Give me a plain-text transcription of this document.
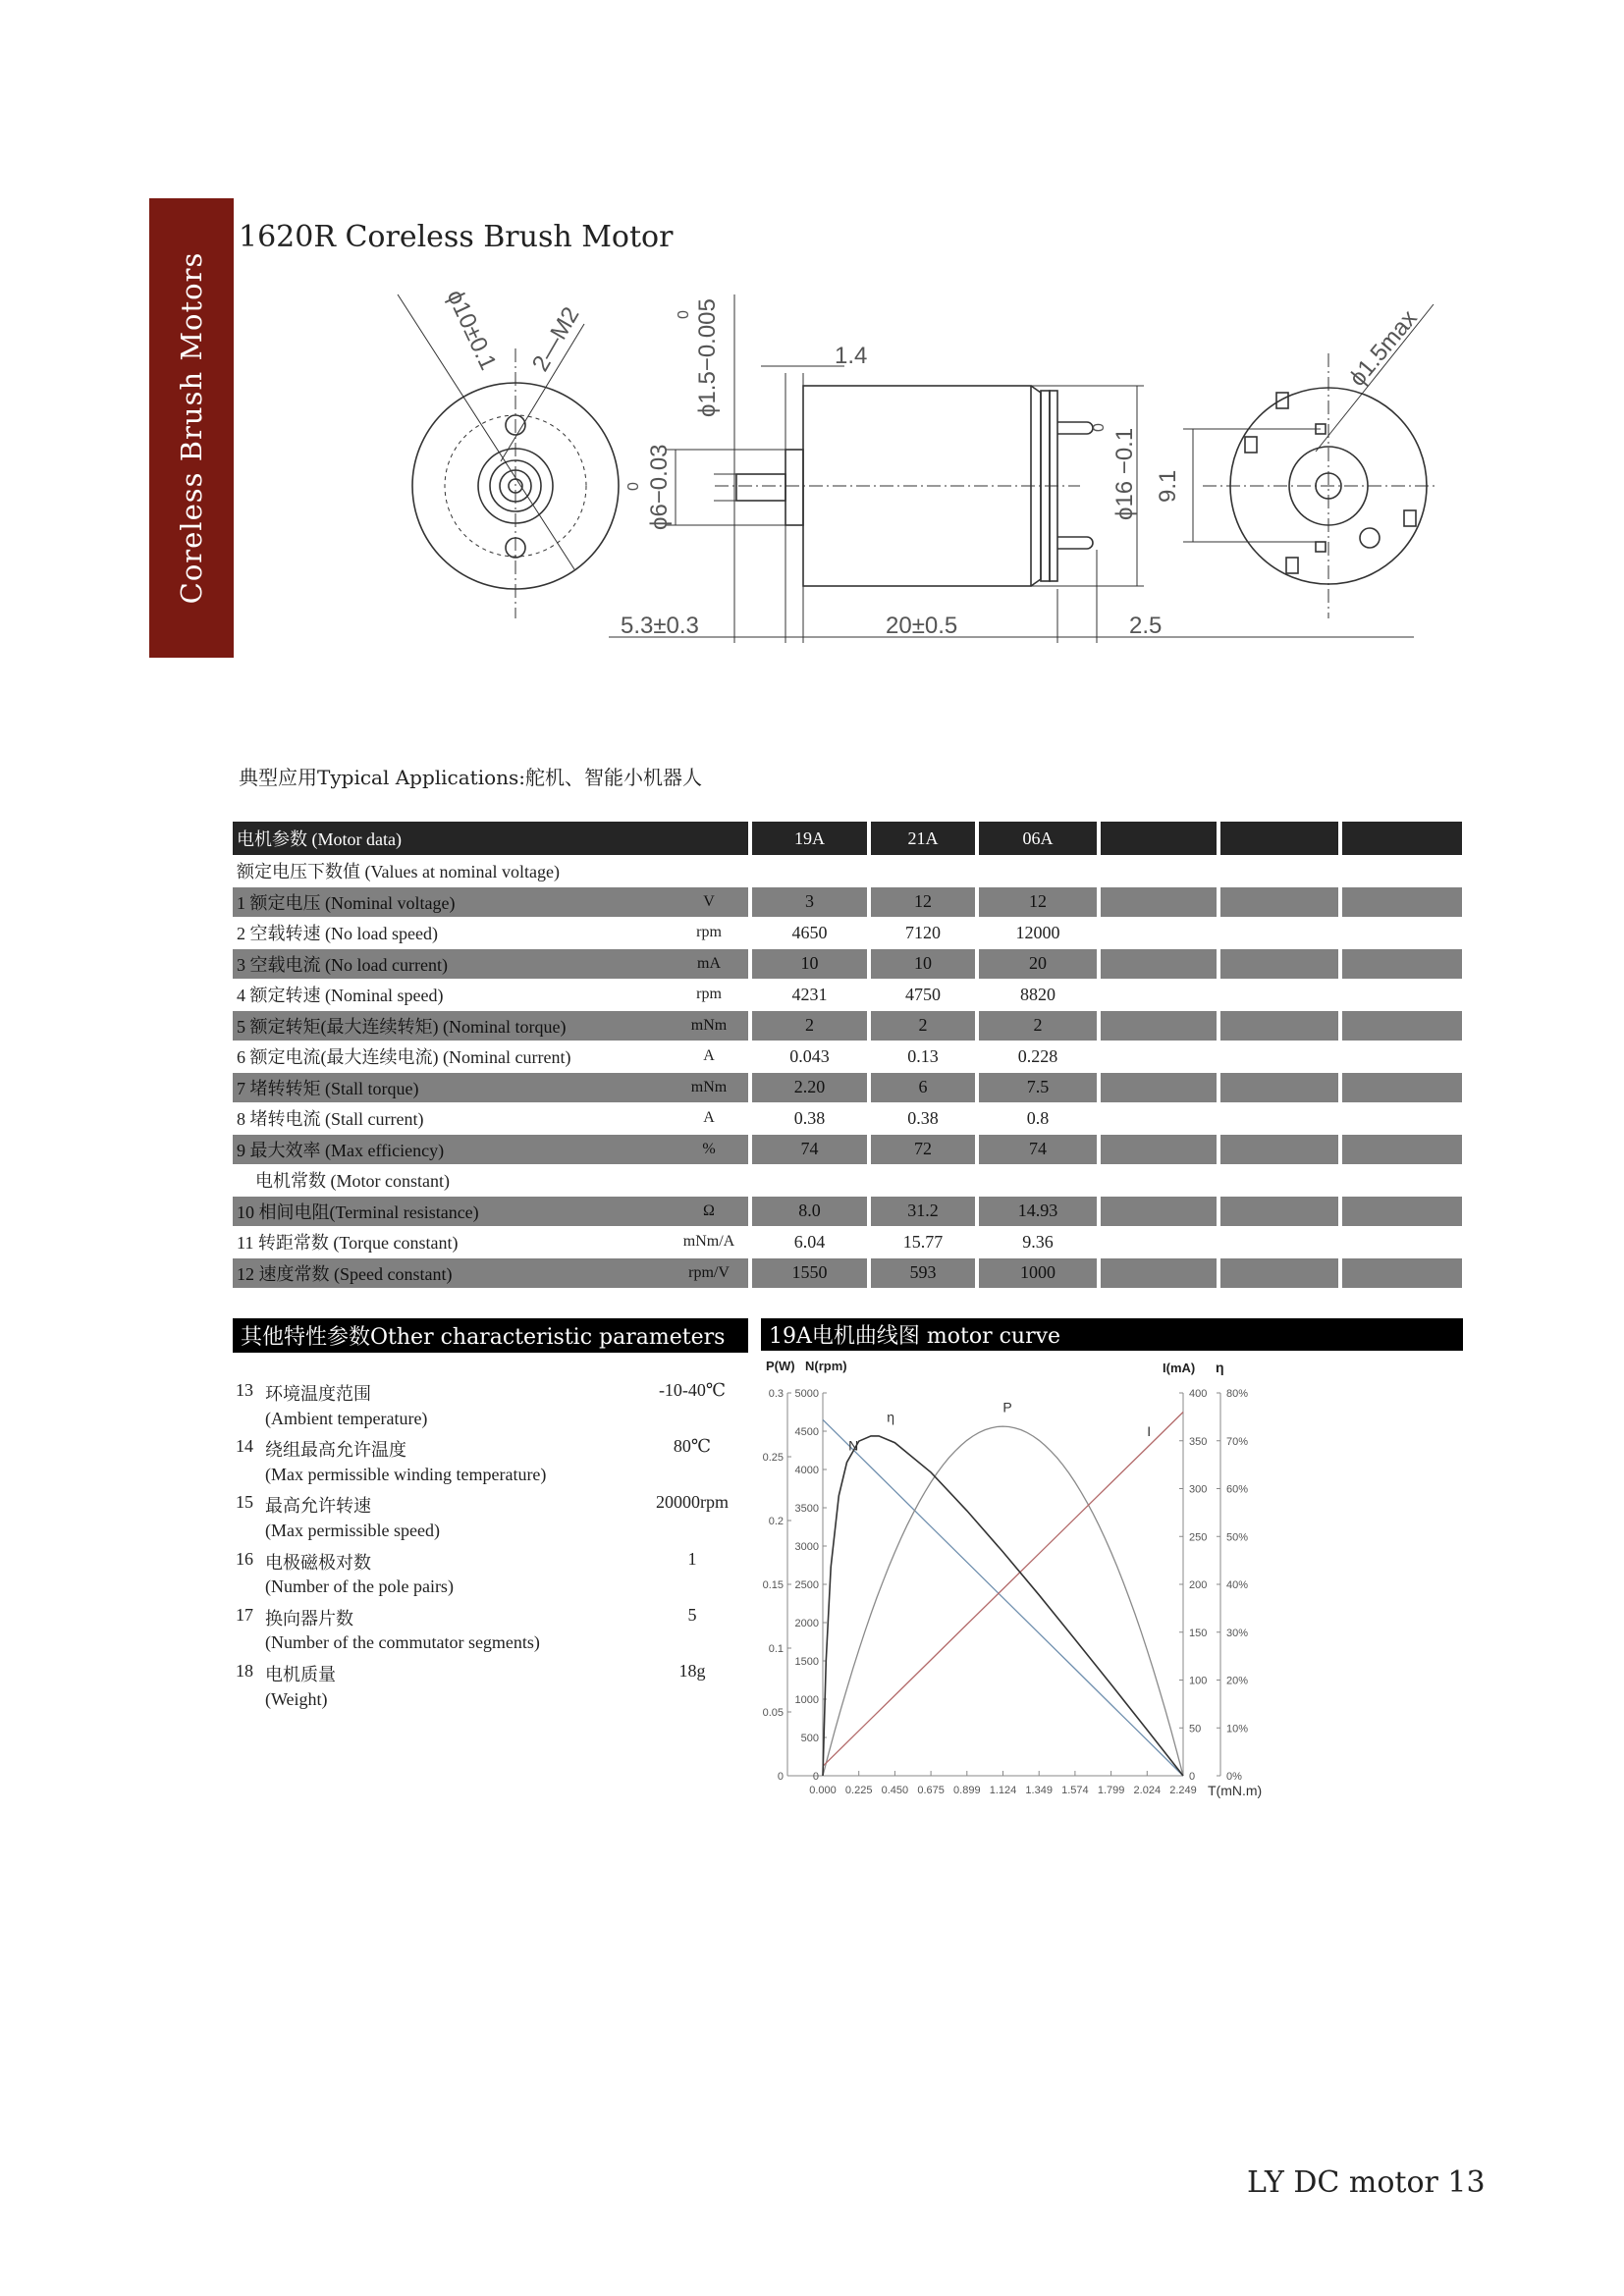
Coreless Brush Motors
1620R Coreless Brush Motor
ϕ10±0.1 2—M2	ϕ1.5−0.005
0
1.4
ϕ6−0.03
0	ϕ16 −0.1
0
9.1
ϕ1.5max
5.3±0.3	20±0.5	2.5
典型应用Typical Applications:舵机、智能小机器人
电机参数 (Motor data)	19A	21A	06A
额定电压下数值 (Values at nominal voltage)
1 额定电压 (Nominal voltage)	V	3	12	12
2 空载转速 (No load speed)	rpm	4650	7120	12000
3 空载电流 (No load current)	mA	10	10	20
4 额定转速 (Nominal speed)	rpm	4231	4750	8820
5 额定转矩(最大连续转矩) (Nominal torque)	mNm	2	2	2
6 额定电流(最大连续电流) (Nominal current)	A	0.043	0.13	0.228
7 堵转转矩 (Stall torque)	mNm	2.20	6	7.5
8 堵转电流 (Stall current)	A	0.38	0.38	0.8
9 最大效率 (Max efficiency)	%	74	72	74
电机常数 (Motor constant)
10 相间电阻(Terminal resistance)	Ω	8.0	31.2	14.93
11 转距常数 (Torque constant)	mNm/A	6.04	15.77	9.36
12 速度常数 (Speed constant)	rpm/V	1550	593	1000
其他特性参数Other characteristic parameters	19A电机曲线图 motor curve
13 环境温度范围	-10-40℃
(Ambient temperature)
14 绕组最高允许温度	80℃
(Max permissible winding temperature)
15 最高允许转速	20000rpm
(Max permissible speed)
16 电极磁极对数	1
(Number of the pole pairs)
17 换向器片数	5
(Number of the commutator segments)
18 电机质量	18g
(Weight)
0
0.05
0.1
0.15
0.2
0.25
0.3
0
500
1000
1500
2000
2500
3000
3500
4000
4500
5000
0
50
100
150
200
250
300
350
400
0%
10%
20%
30%
40%
50%
60%
70%
80%
0.000 0.225 0.450 0.675 0.899 1.124 1.349 1.574 1.799 2.024 2.249 T(mN.m)
P(W) N(rpm)	I(mA) η
N
P
I
η
LY DC motor 13
